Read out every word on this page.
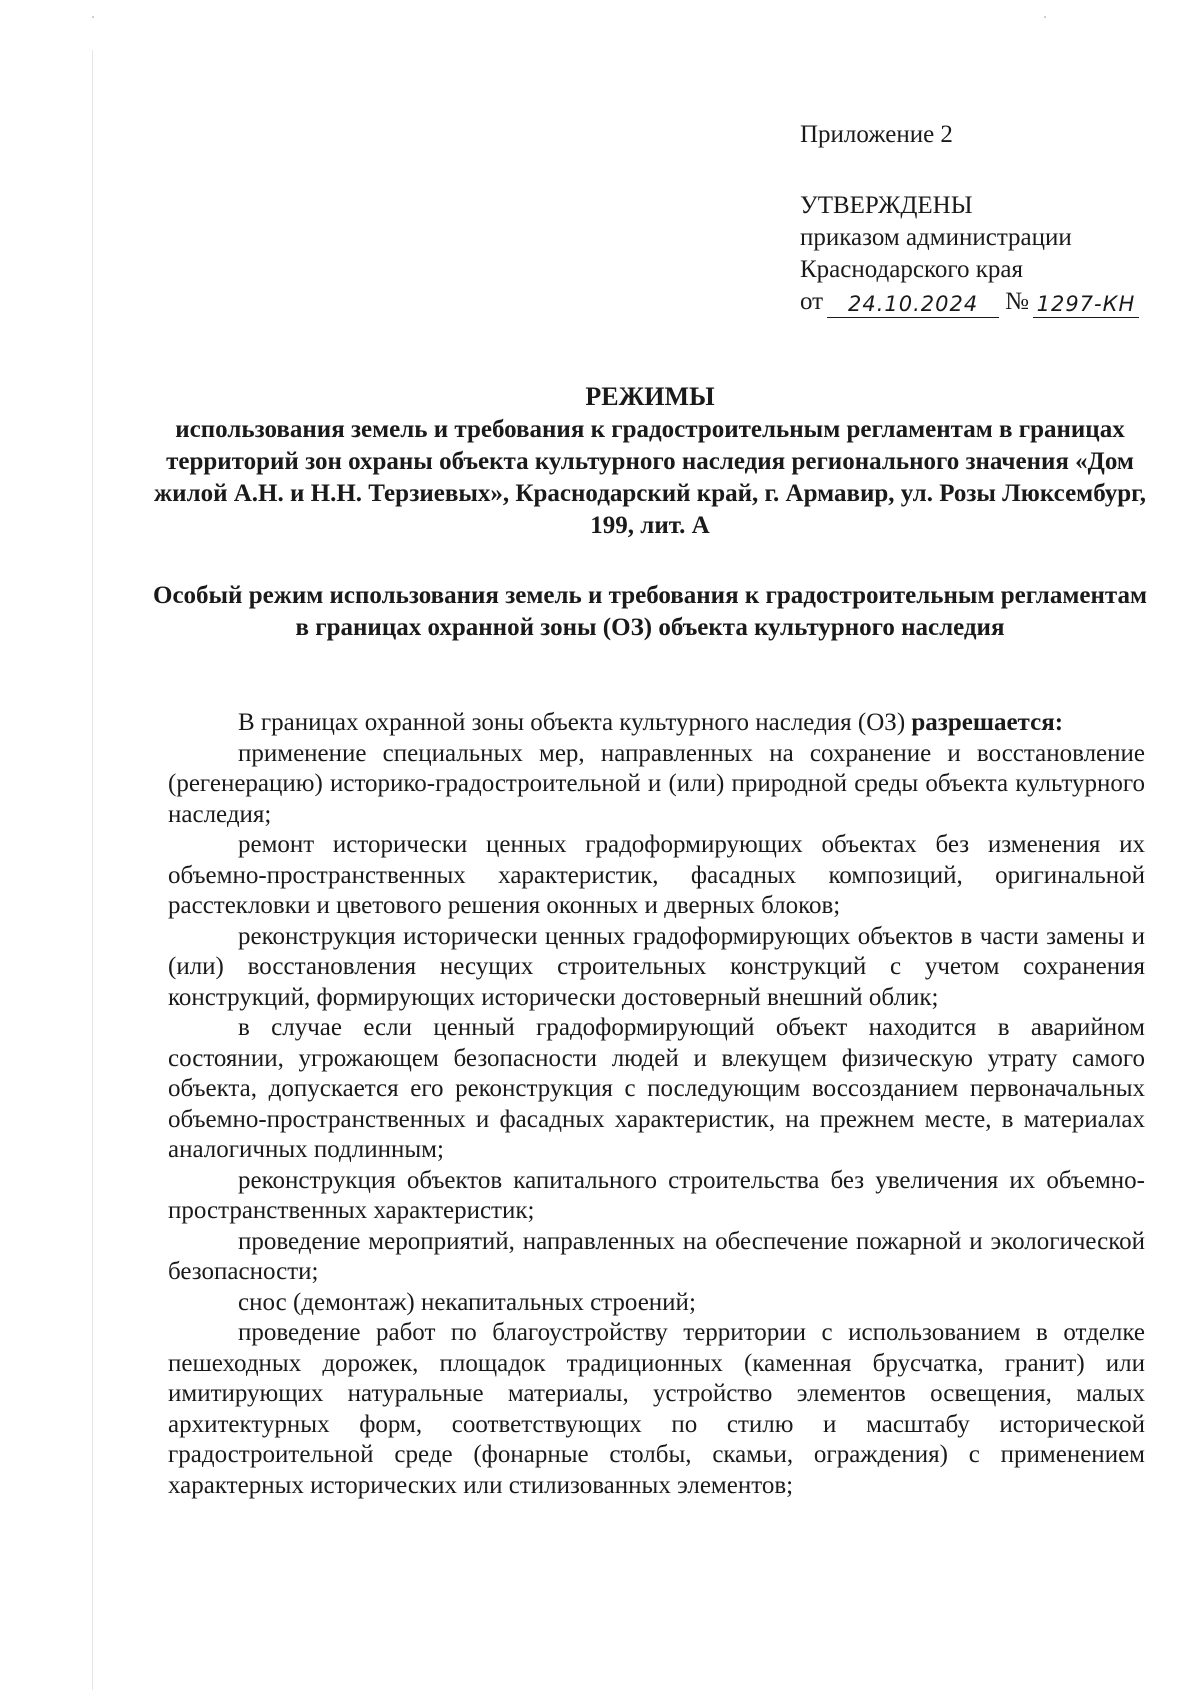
Приложение 2
УТВЕРЖДЕНЫ
приказом администрации
Краснодарского края
от	24.10.2024	№ 1297-КН
РЕЖИМЫ
использования земель и требования к градостроительным регламентам в границах территорий зон охраны объекта культурного наследия регионального значения «Дом жилой А.Н. и Н.Н. Терзиевых», Краснодарский край, г. Армавир, ул. Розы Люксембург, 199, лит. А
Особый режим использования земель и требования к градостроительным регламентам в границах охранной зоны (ОЗ) объекта культурного наследия

В границах охранной зоны объекта культурного наследия (ОЗ) разрешается:

применение специальных мер, направленных на сохранение и восстановление (регенерацию) историко-градостроительной и (или) природной среды объекта культурного наследия;

ремонт исторически ценных градоформирующих объектах без изменения их объемно-пространственных характеристик, фасадных композиций, оригинальной расстекловки и цветового решения оконных и дверных блоков;

реконструкция исторически ценных градоформирующих объектов в части замены и (или) восстановления несущих строительных конструкций с учетом сохранения конструкций, формирующих исторически достоверный внешний облик;

в случае если ценный градоформирующий объект находится в аварийном состоянии, угрожающем безопасности людей и влекущем физическую утрату самого объекта, допускается его реконструкция с последующим воссозданием первоначальных объемно-пространственных и фасадных характеристик, на прежнем месте, в материалах аналогичных подлинным;

реконструкция объектов капитального строительства без увеличения их объемно-пространственных характеристик;

проведение мероприятий, направленных на обеспечение пожарной и экологической безопасности;

снос (демонтаж) некапитальных строений;

проведение работ по благоустройству территории с использованием в отделке пешеходных дорожек, площадок традиционных (каменная брусчатка, гранит) или имитирующих натуральные материалы, устройство элементов освещения, малых архитектурных форм, соответствующих по стилю и масштабу исторической градостроительной среде (фонарные столбы, скамьи, ограждения) с применением характерных исторических или стилизованных элементов;
